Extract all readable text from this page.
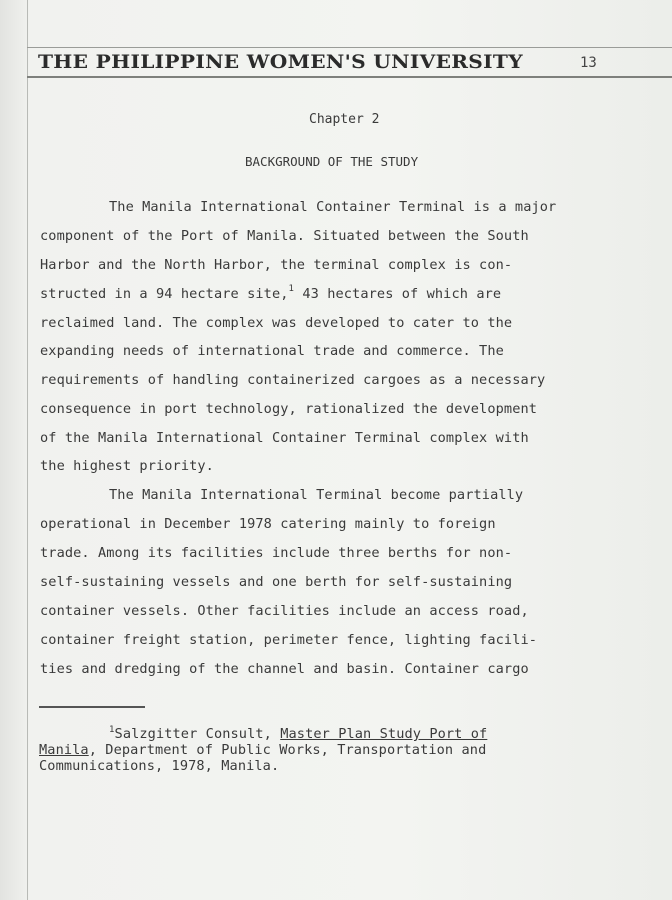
THE PHILIPPINE WOMEN'S UNIVERSITY	13
Chapter 2
BACKGROUND OF THE STUDY
The Manila International Container Terminal is a major
component of the Port of Manila. Situated between the South
Harbor and the North Harbor, the terminal complex is con-
structed in a 94 hectare site,$^1$ 43 hectares of which are
reclaimed land. The complex was developed to cater to the
expanding needs of international trade and commerce. The
requirements of handling containerized cargoes as a necessary
consequence in port technology, rationalized the development
of the Manila International Container Terminal complex with
the highest priority.
The Manila International Terminal become partially
operational in December 1978 catering mainly to foreign
trade. Among its facilities include three berths for non-
self-sustaining vessels and one berth for self-sustaining
container vessels. Other facilities include an access road,
container freight station, perimeter fence, lighting facili-
ties and dredging of the channel and basin. Container cargo
$^1$Salzgitter Consult, Master Plan Study Port of
Manila, Department of Public Works, Transportation and
Communications, 1978, Manila.
